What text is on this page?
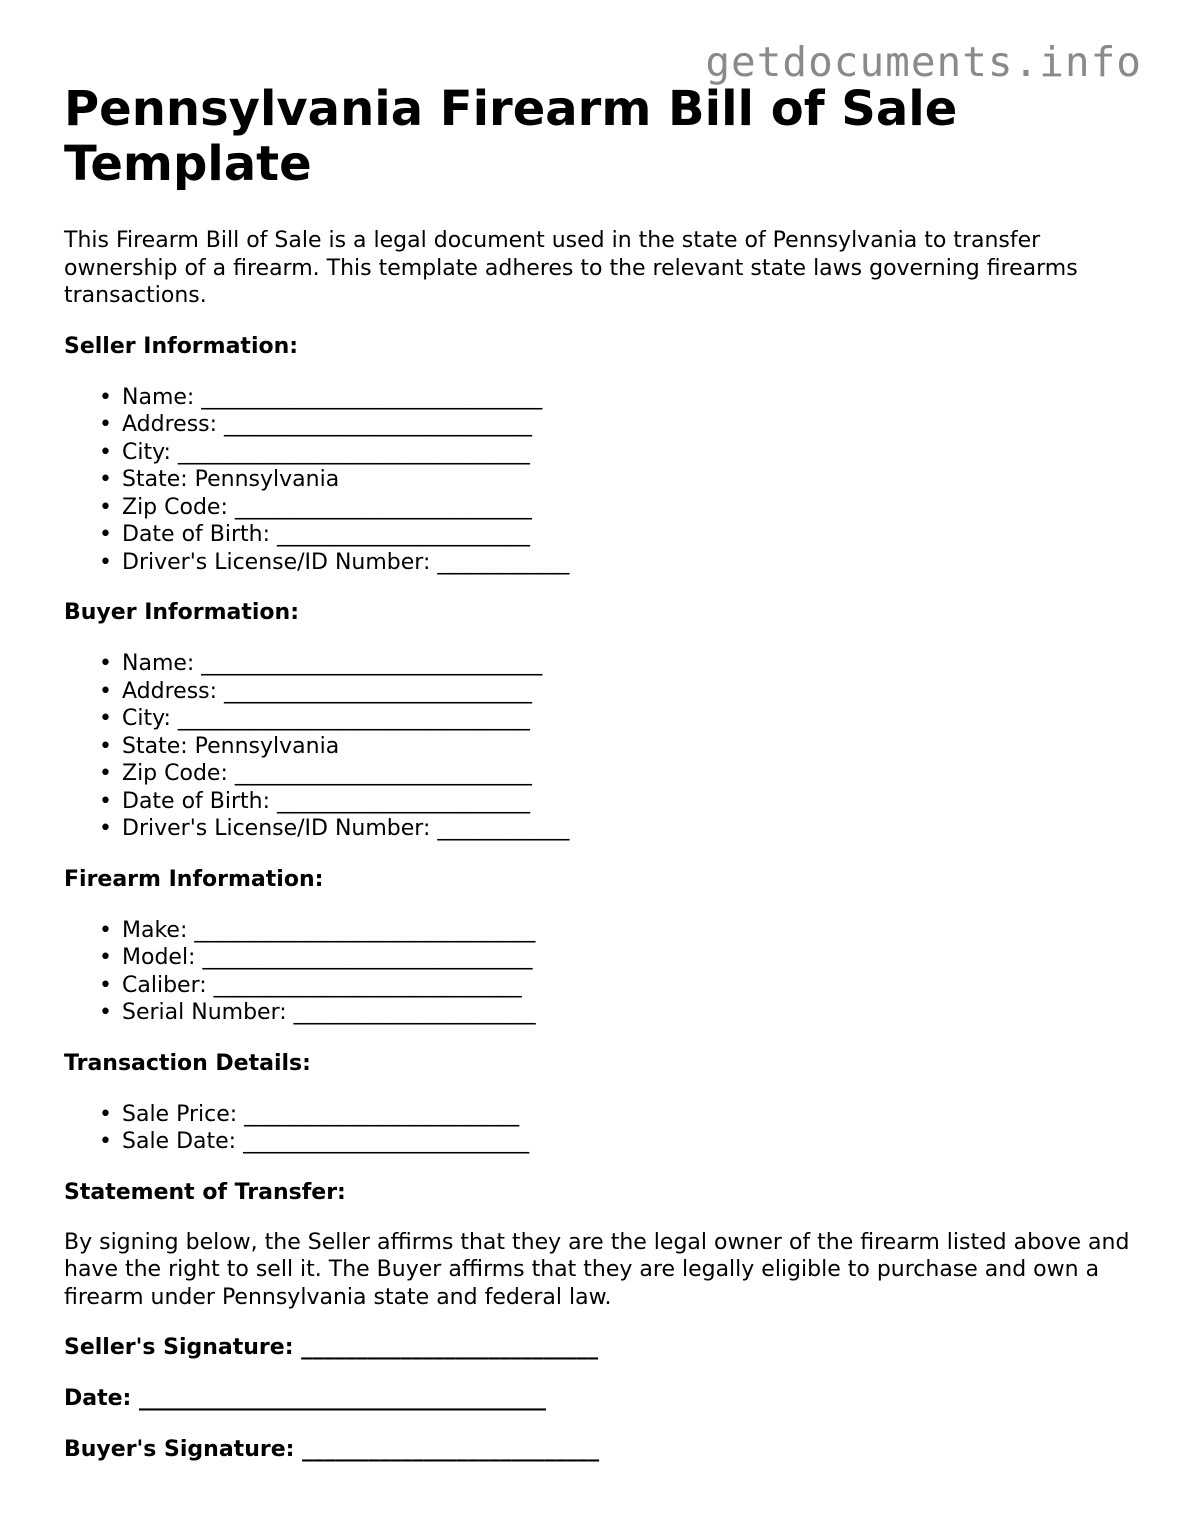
getdocuments.info
Pennsylvania Firearm Bill of Sale Template

This Firearm Bill of Sale is a legal document used in the state of Pennsylvania to transfer ownership of a firearm. This template adheres to the relevant state laws governing firearms transactions.

Seller Information:
• Name: _______________________________
• Address: ____________________________
• City: ________________________________
• State: Pennsylvania
• Zip Code: ___________________________
• Date of Birth: _______________________
• Driver's License/ID Number: ____________
Buyer Information:
• Name: _______________________________
• Address: ____________________________
• City: ________________________________
• State: Pennsylvania
• Zip Code: ___________________________
• Date of Birth: _______________________
• Driver's License/ID Number: ____________
Firearm Information:
• Make: _______________________________
• Model: ______________________________
• Caliber: ____________________________
• Serial Number: ______________________
Transaction Details:
• Sale Price: _________________________
• Sale Date: __________________________
Statement of Transfer:

By signing below, the Seller affirms that they are the legal owner of the firearm listed above and have the right to sell it. The Buyer affirms that they are legally eligible to purchase and own a firearm under Pennsylvania state and federal law.

Seller's Signature: ___________________________
Date: _____________________________________
Buyer's Signature: ___________________________
